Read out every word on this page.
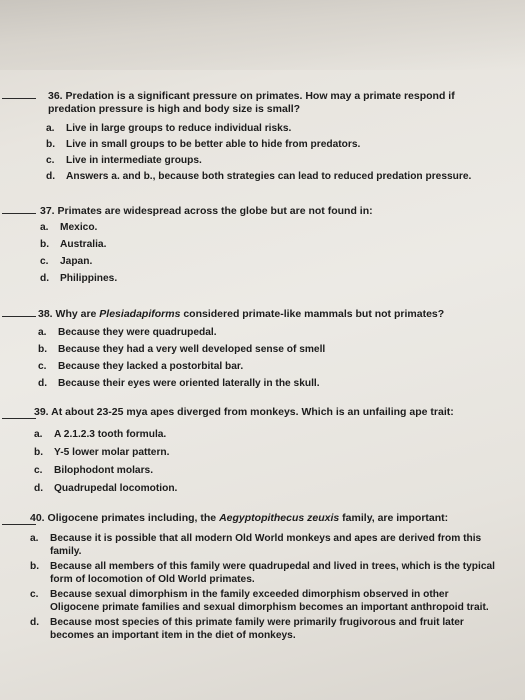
36. Predation is a significant pressure on primates. How may a primate respond if predation pressure is high and body size is small?
a.	Live in large groups to reduce individual risks.
b.	Live in small groups to be better able to hide from predators.
c.	Live in intermediate groups.
d.	Answers a. and b., because both strategies can lead to reduced predation pressure.
37. Primates are widespread across the globe but are not found in:
a.	Mexico.
b.	Australia.
c.	Japan.
d.	Philippines.
38. Why are Plesiadapiforms considered primate-like mammals but not primates?
a.	Because they were quadrupedal.
b.	Because they had a very well developed sense of smell
c.	Because they lacked a postorbital bar.
d.	Because their eyes were oriented laterally in the skull.
39. At about 23-25 mya apes diverged from monkeys. Which is an unfailing ape trait:
a.	A 2.1.2.3 tooth formula.
b.	Y-5 lower molar pattern.
c.	Bilophodont molars.
d.	Quadrupedal locomotion.
40. Oligocene primates including, the Aegyptopithecus zeuxis family, are important:
a.	Because it is possible that all modern Old World monkeys and apes are derived from this family.
b.	Because all members of this family were quadrupedal and lived in trees, which is the typical form of locomotion of Old World primates.
c.	Because sexual dimorphism in the family exceeded dimorphism observed in other Oligocene primate families and sexual dimorphism becomes an important anthropoid trait.
d.	Because most species of this primate family were primarily frugivorous and fruit later becomes an important item in the diet of monkeys.
